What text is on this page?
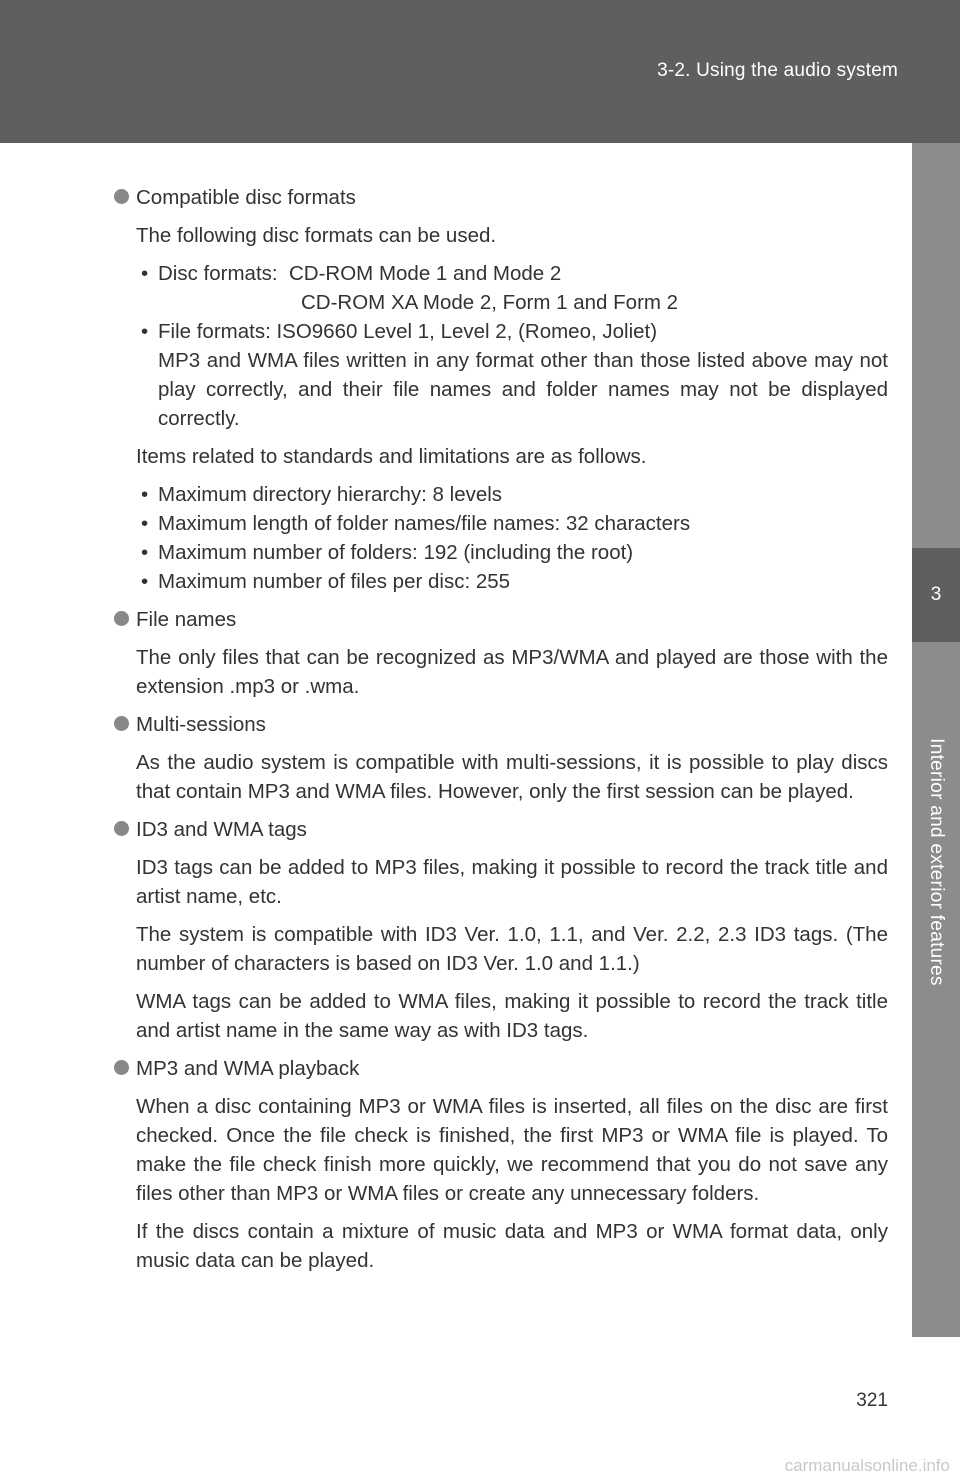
3-2. Using the audio system
3
Interior and exterior features
Compatible disc formats
The following disc formats can be used.
• Disc formats:  CD-ROM Mode 1 and Mode 2
CD-ROM XA Mode 2, Form 1 and Form 2
• File formats: ISO9660 Level 1, Level 2, (Romeo, Joliet)
MP3 and WMA files written in any format other than those listed above may not play correctly, and their file names and folder names may not be displayed correctly.
Items related to standards and limitations are as follows.
• Maximum directory hierarchy: 8 levels
• Maximum length of folder names/file names: 32 characters
• Maximum number of folders: 192 (including the root)
• Maximum number of files per disc: 255
File names
The only files that can be recognized as MP3/WMA and played are those with the extension .mp3 or .wma.
Multi-sessions
As the audio system is compatible with multi-sessions, it is possible to play discs that contain MP3 and WMA files. However, only the first session can be played.
ID3 and WMA tags
ID3 tags can be added to MP3 files, making it possible to record the track title and artist name, etc.
The system is compatible with ID3 Ver. 1.0, 1.1, and Ver. 2.2, 2.3 ID3 tags. (The number of characters is based on ID3 Ver. 1.0 and 1.1.)
WMA tags can be added to WMA files, making it possible to record the track title and artist name in the same way as with ID3 tags.
MP3 and WMA playback
When a disc containing MP3 or WMA files is inserted, all files on the disc are first checked. Once the file check is finished, the first MP3 or WMA file is played. To make the file check finish more quickly, we recommend that you do not save any files other than MP3 or WMA files or create any unnecessary folders.
If the discs contain a mixture of music data and MP3 or WMA format data, only music data can be played.
321
carmanualsonline.info
